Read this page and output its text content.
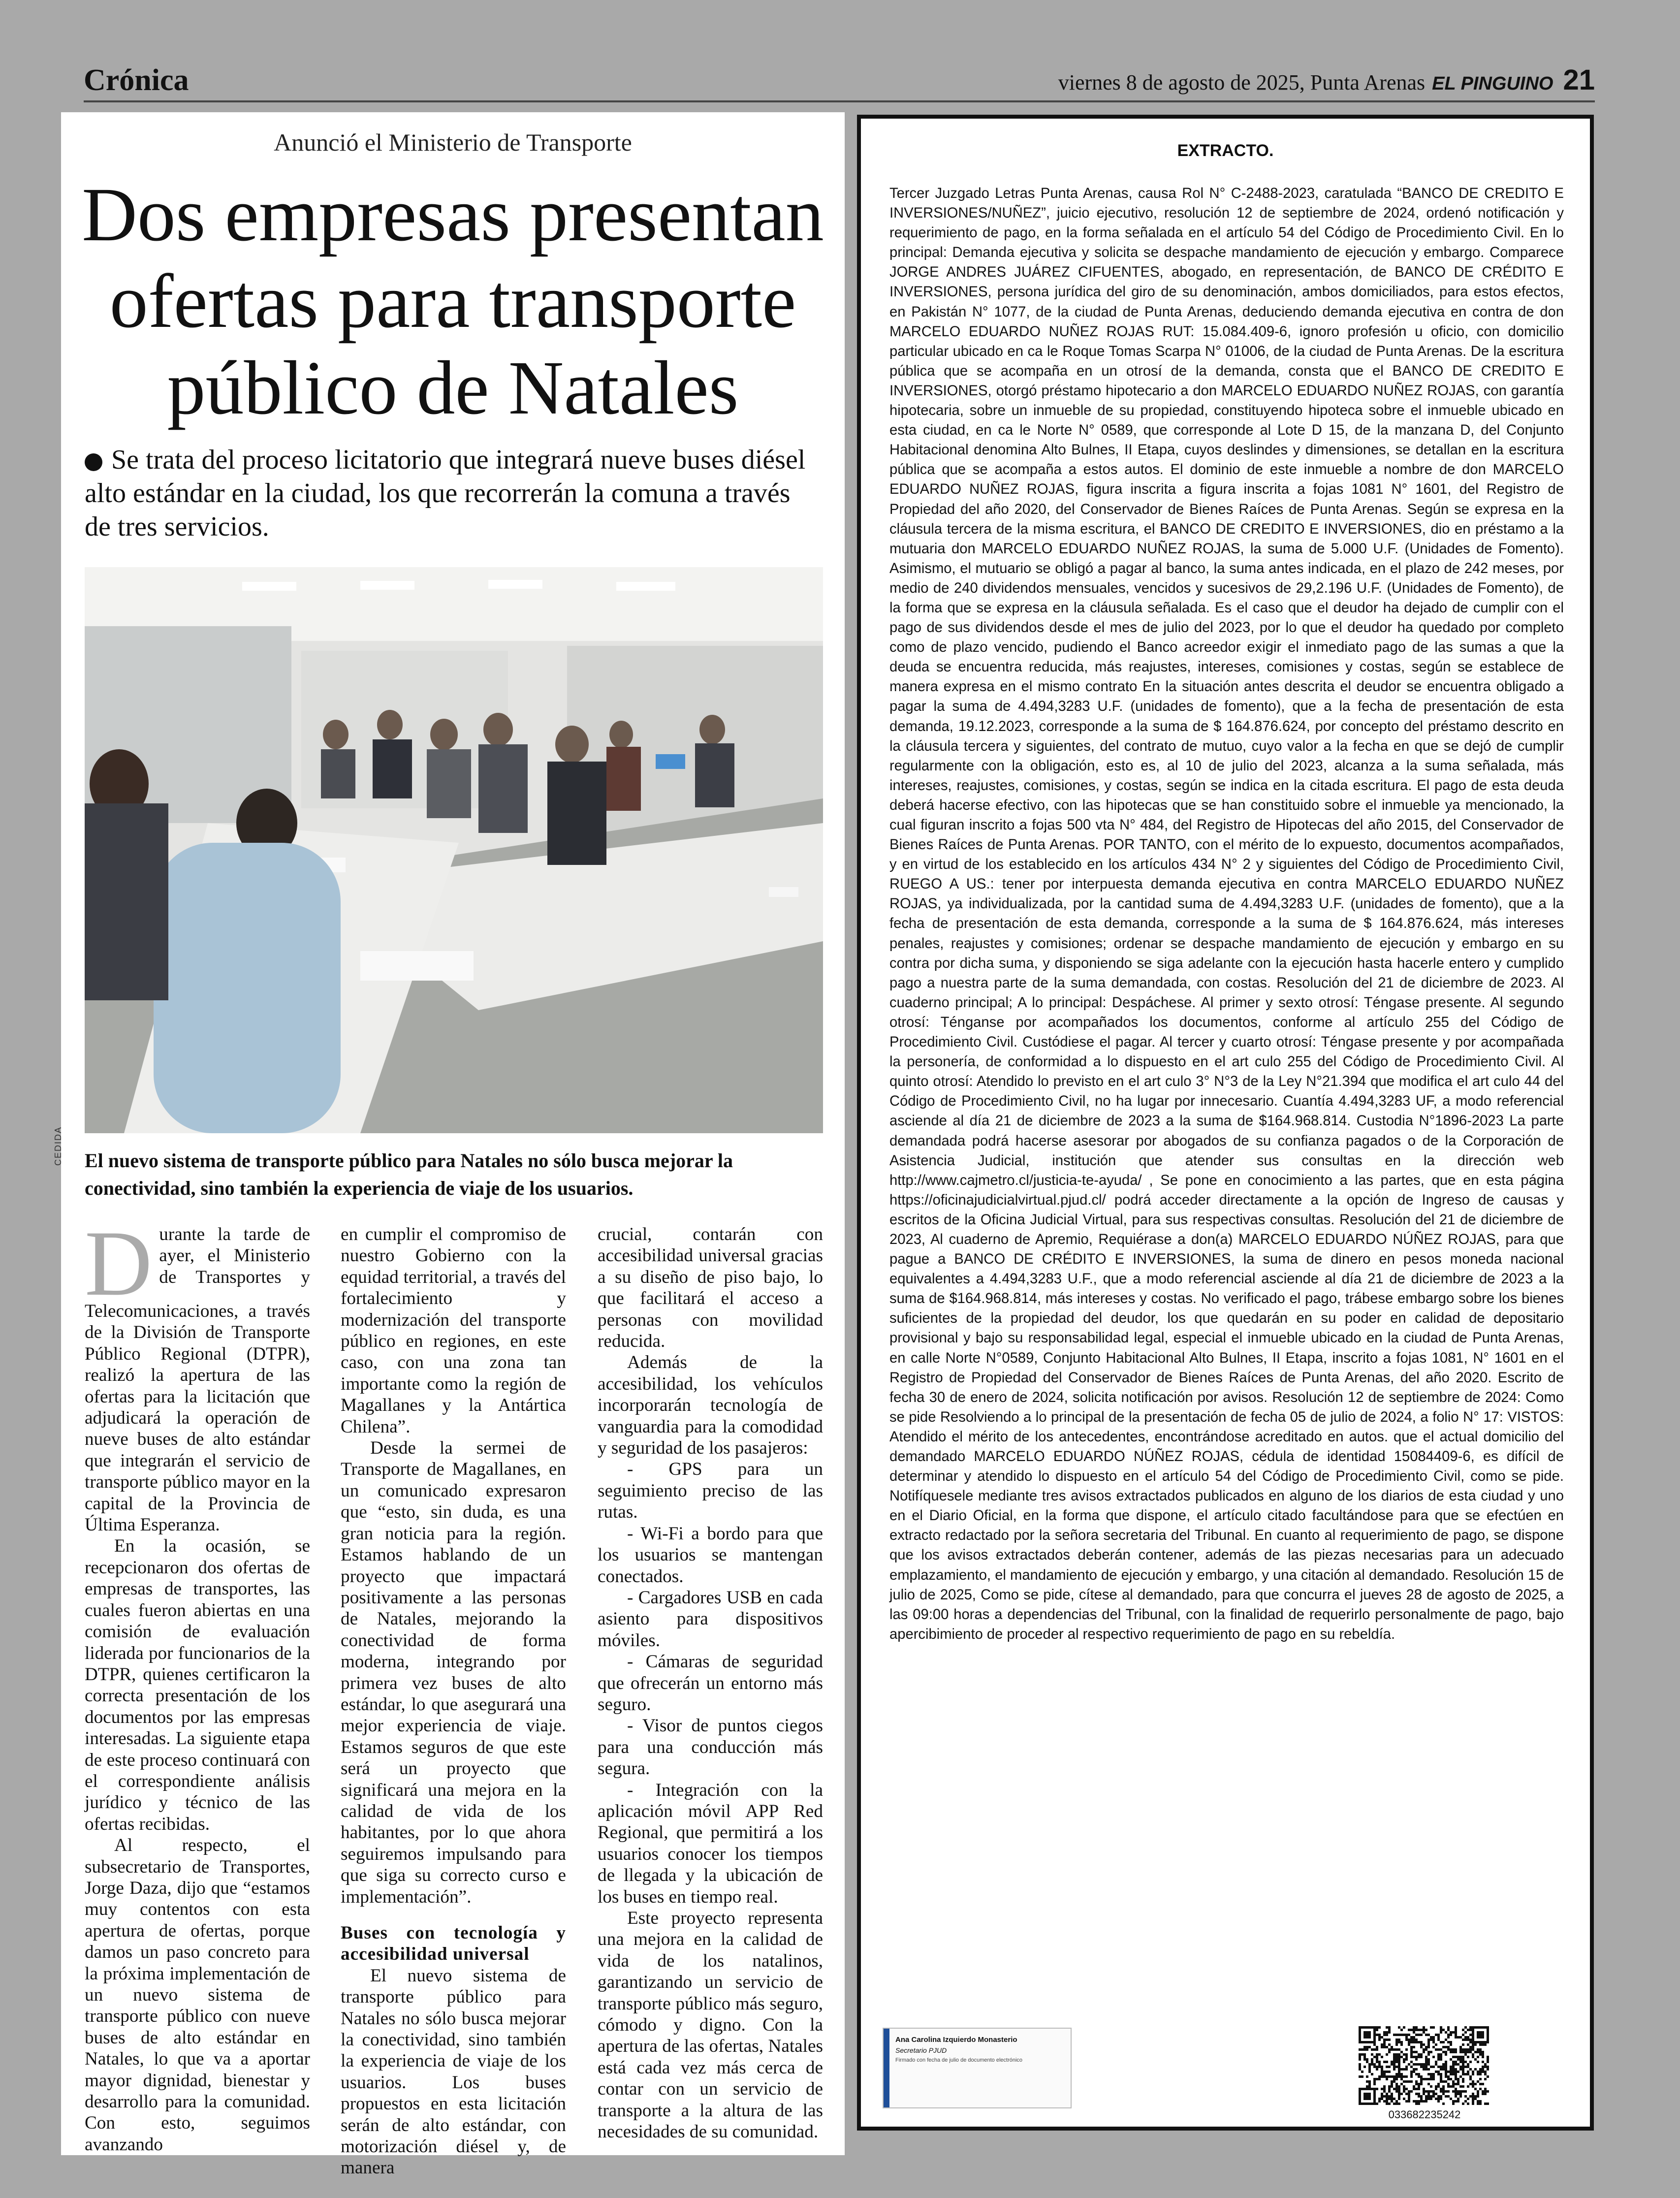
Crónica	viernes 8 de agosto de 2025, Punta Arenas EL PINGUINO 21
Anunció el Ministerio de Transporte
Dos empresas presentan
ofertas para transporte
público de Natales
Se trata del proceso licitatorio que integrará nueve buses diésel alto estándar en la ciudad, los que recorrerán la comuna a través de tres servicios.
CEDIDA El nuevo sistema de transporte público para Natales no sólo busca mejorar la conectividad, sino también la experiencia de viaje de los usuarios.

Durante la tarde de ayer, el Ministerio de Transportes y Telecomunicaciones, a través de la División de Transporte Público Regional (DTPR), realizó la apertura de las ofertas para la licitación que adjudicará la operación de nueve buses de alto estándar que integrarán el servicio de transporte público mayor en la capital de la Provincia de Última Esperanza.

En la ocasión, se recepcionaron dos ofertas de empresas de transportes, las cuales fueron abiertas en una comisión de evaluación liderada por funcionarios de la DTPR, quienes certificaron la correcta presentación de los documentos por las empresas interesadas. La siguiente etapa de este proceso continuará con el correspondiente análisis jurídico y técnico de las ofertas recibidas.

Al respecto, el subsecretario de Transportes, Jorge Daza, dijo que “estamos muy contentos con esta apertura de ofertas, porque damos un paso concreto para la próxima implementación de un nuevo sistema de transporte público con nueve buses de alto estándar en Natales, lo que va a aportar mayor dignidad, bienestar y desarrollo para la comunidad. Con esto, seguimos avanzando

en cumplir el compromiso de nuestro Gobierno con la equidad territorial, a través del fortalecimiento y modernización del transporte público en regiones, en este caso, con una zona tan importante como la región de Magallanes y la Antártica Chilena”.

Desde la sermei de Transporte de Magallanes, en un comunicado expresaron que “esto, sin duda, es una gran noticia para la región. Estamos hablando de un proyecto que impactará positivamente a las personas de Natales, mejorando la conectividad de forma moderna, integrando por primera vez buses de alto estándar, lo que asegurará una mejor experiencia de viaje. Estamos seguros de que este será un proyecto que significará una mejora en la calidad de vida de los habitantes, por lo que ahora seguiremos impulsando para que siga su correcto curso e implementación”.

Buses con tecnología y accesibilidad universal

El nuevo sistema de transporte público para Natales no sólo busca mejorar la conectividad, sino también la experiencia de viaje de los usuarios. Los buses propuestos en esta licitación serán de alto estándar, con motorización diésel y, de manera

crucial, contarán con accesibilidad universal gracias a su diseño de piso bajo, lo que facilitará el acceso a personas con movilidad reducida.

Además de la accesibilidad, los vehículos incorporarán tecnología de vanguardia para la comodidad y seguridad de los pasajeros:

- GPS para un seguimiento preciso de las rutas.

- Wi-Fi a bordo para que los usuarios se mantengan conectados.

- Cargadores USB en cada asiento para dispositivos móviles.

- Cámaras de seguridad que ofrecerán un entorno más seguro.

- Visor de puntos ciegos para una conducción más segura.

- Integración con la aplicación móvil APP Red Regional, que permitirá a los usuarios conocer los tiempos de llegada y la ubicación de los buses en tiempo real.

Este proyecto representa una mejora en la calidad de vida de los natalinos, garantizando un servicio de transporte público más seguro, cómodo y digno. Con la apertura de las ofertas, Natales está cada vez más cerca de contar con un servicio de transporte a la altura de las necesidades de su comunidad.

EXTRACTO.
Tercer Juzgado Letras Punta Arenas, causa Rol N° C-2488-2023, caratulada “BANCO DE CREDITO E INVERSIONES/NUÑEZ”, juicio ejecutivo, resolución 12 de septiembre de 2024, ordenó notificación y requerimiento de pago, en la forma señalada en el artículo 54 del Código de Procedimiento Civil. En lo principal: Demanda ejecutiva y solicita se despache mandamiento de ejecución y embargo. Comparece JORGE ANDRES JUÁREZ CIFUENTES, abogado, en representación, de BANCO DE CRÉDITO E INVERSIONES, persona jurídica del giro de su denominación, ambos domiciliados, para estos efectos, en Pakistán N° 1077, de la ciudad de Punta Arenas, deduciendo demanda ejecutiva en contra de don MARCELO EDUARDO NUÑEZ ROJAS RUT: 15.084.409-6, ignoro profesión u oficio, con domicilio particular ubicado en ca le Roque Tomas Scarpa N° 01006, de la ciudad de Punta Arenas. De la escritura pública que se acompaña en un otrosí de la demanda, consta que el BANCO DE CREDITO E INVERSIONES, otorgó préstamo hipotecario a don MARCELO EDUARDO NUÑEZ ROJAS, con garantía hipotecaria, sobre un inmueble de su propiedad, constituyendo hipoteca sobre el inmueble ubicado en esta ciudad, en ca le Norte N° 0589, que corresponde al Lote D 15, de la manzana D, del Conjunto Habitacional denomina Alto Bulnes, II Etapa, cuyos deslindes y dimensiones, se detallan en la escritura pública que se acompaña a estos autos. El dominio de este inmueble a nombre de don MARCELO EDUARDO NUÑEZ ROJAS, figura inscrita a figura inscrita a fojas 1081 N° 1601, del Registro de Propiedad del año 2020, del Conservador de Bienes Raíces de Punta Arenas. Según se expresa en la cláusula tercera de la misma escritura, el BANCO DE CREDITO E INVERSIONES, dio en préstamo a la mutuaria don MARCELO EDUARDO NUÑEZ ROJAS, la suma de 5.000 U.F. (Unidades de Fomento). Asimismo, el mutuario se obligó a pagar al banco, la suma antes indicada, en el plazo de 242 meses, por medio de 240 dividendos mensuales, vencidos y sucesivos de 29,2.196 U.F. (Unidades de Fomento), de la forma que se expresa en la cláusula señalada. Es el caso que el deudor ha dejado de cumplir con el pago de sus dividendos desde el mes de julio del 2023, por lo que el deudor ha quedado por completo como de plazo vencido, pudiendo el Banco acreedor exigir el inmediato pago de las sumas a que la deuda se encuentra reducida, más reajustes, intereses, comisiones y costas, según se establece de manera expresa en el mismo contrato En la situación antes descrita el deudor se encuentra obligado a pagar la suma de 4.494,3283 U.F. (unidades de fomento), que a la fecha de presentación de esta demanda, 19.12.2023, corresponde a la suma de $ 164.876.624, por concepto del préstamo descrito en la cláusula tercera y siguientes, del contrato de mutuo, cuyo valor a la fecha en que se dejó de cumplir regularmente con la obligación, esto es, al 10 de julio del 2023, alcanza a la suma señalada, más intereses, reajustes, comisiones, y costas, según se indica en la citada escritura. El pago de esta deuda deberá hacerse efectivo, con las hipotecas que se han constituido sobre el inmueble ya mencionado, la cual figuran inscrito a fojas 500 vta N° 484, del Registro de Hipotecas del año 2015, del Conservador de Bienes Raíces de Punta Arenas. POR TANTO, con el mérito de lo expuesto, documentos acompañados, y en virtud de los establecido en los artículos 434 N° 2 y siguientes del Código de Procedimiento Civil, RUEGO A US.: tener por interpuesta demanda ejecutiva en contra MARCELO EDUARDO NUÑEZ ROJAS, ya individualizada, por la cantidad suma de 4.494,3283 U.F. (unidades de fomento), que a la fecha de presentación de esta demanda, corresponde a la suma de $ 164.876.624, más intereses penales, reajustes y comisiones; ordenar se despache mandamiento de ejecución y embargo en su contra por dicha suma, y disponiendo se siga adelante con la ejecución hasta hacerle entero y cumplido pago a nuestra parte de la suma demandada, con costas. Resolución del 21 de diciembre de 2023. Al cuaderno principal; A lo principal: Despáchese. Al primer y sexto otrosí: Téngase presente. Al segundo otrosí: Ténganse por acompañados los documentos, conforme al artículo 255 del Código de Procedimiento Civil. Custódiese el pagar. Al tercer y cuarto otrosí: Téngase presente y por acompañada la personería, de conformidad a lo dispuesto en el art culo 255 del Código de Procedimiento Civil. Al quinto otrosí: Atendido lo previsto en el art culo 3° N°3 de la Ley N°21.394 que modifica el art culo 44 del Código de Procedimiento Civil, no ha lugar por innecesario. Cuantía 4.494,3283 UF, a modo referencial asciende al día 21 de diciembre de 2023 a la suma de $164.968.814. Custodia N°1896-2023 La parte demandada podrá hacerse asesorar por abogados de su confianza pagados o de la Corporación de Asistencia Judicial, institución que atender sus consultas en la dirección web http://www.cajmetro.cl/justicia-te-ayuda/ , Se pone en conocimiento a las partes, que en esta página https://oficinajudicialvirtual.pjud.cl/ podrá acceder directamente a la opción de Ingreso de causas y escritos de la Oficina Judicial Virtual, para sus respectivas consultas. Resolución del 21 de diciembre de 2023, Al cuaderno de Apremio, Requiérase a don(a) MARCELO EDUARDO NÚÑEZ ROJAS, para que pague a BANCO DE CRÉDITO E INVERSIONES, la suma de dinero en pesos moneda nacional equivalentes a 4.494,3283 U.F., que a modo referencial asciende al día 21 de diciembre de 2023 a la suma de $164.968.814, más intereses y costas. No verificado el pago, trábese embargo sobre los bienes suficientes de la propiedad del deudor, los que quedarán en su poder en calidad de depositario provisional y bajo su responsabilidad legal, especial el inmueble ubicado en la ciudad de Punta Arenas, en calle Norte N°0589, Conjunto Habitacional Alto Bulnes, II Etapa, inscrito a fojas 1081, N° 1601 en el Registro de Propiedad del Conservador de Bienes Raíces de Punta Arenas, del año 2020. Escrito de fecha 30 de enero de 2024, solicita notificación por avisos. Resolución 12 de septiembre de 2024: Como se pide Resolviendo a lo principal de la presentación de fecha 05 de julio de 2024, a folio N° 17: VISTOS: Atendido el mérito de los antecedentes, encontrándose acreditado en autos. que el actual domicilio del demandado MARCELO EDUARDO NÚÑEZ ROJAS, cédula de identidad 15084409-6, es difícil de determinar y atendido lo dispuesto en el artículo 54 del Código de Procedimiento Civil, como se pide. Notifíquesele mediante tres avisos extractados publicados en alguno de los diarios de esta ciudad y uno en el Diario Oficial, en la forma que dispone, el artículo citado facultándose para que se efectúen en extracto redactado por la señora secretaria del Tribunal. En cuanto al requerimiento de pago, se dispone que los avisos extractados deberán contener, además de las piezas necesarias para un adecuado emplazamiento, el mandamiento de ejecución y embargo, y una citación al demandado. Resolución 15 de julio de 2025, Como se pide, cítese al demandado, para que concurra el jueves 28 de agosto de 2025, a las 09:00 horas a dependencias del Tribunal, con la finalidad de requerirlo personalmente de pago, bajo apercibimiento de proceder al respectivo requerimiento de pago en su rebeldía.
Ana Carolina Izquierdo Monasterio
Secretario PJUD
Firmado con fecha de julio de documento electrónico
033682235242
